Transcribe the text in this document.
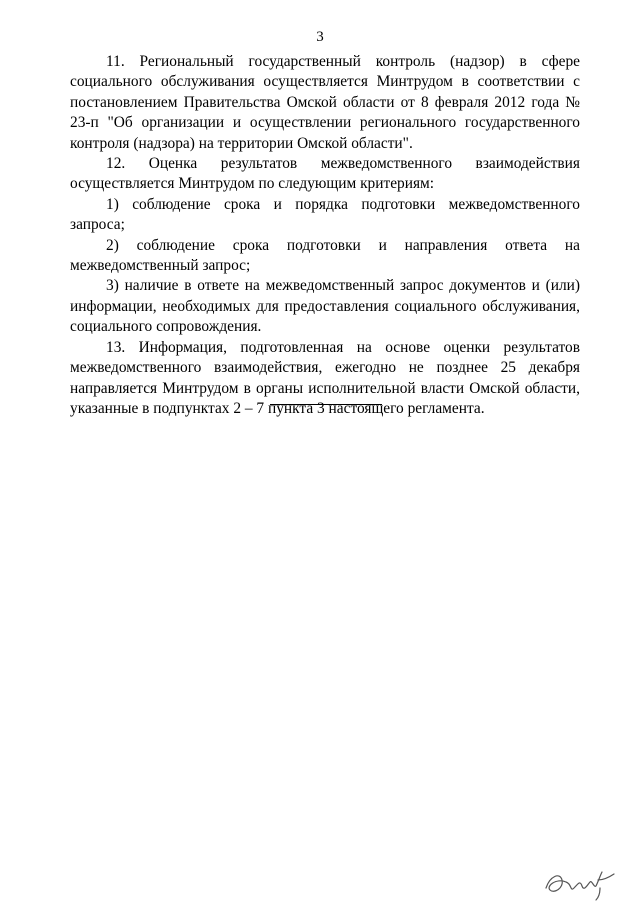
3

11. Региональный государственный контроль (надзор) в сфере социального обслуживания осуществляется Минтрудом в соответствии с постановлением Правительства Омской области от 8 февраля 2012 года № 23-п "Об организации и осуществлении регионального государственного контроля (надзора) на территории Омской области".

12. Оценка результатов межведомственного взаимодействия осуществляется Минтрудом по следующим критериям:

1) соблюдение срока и порядка подготовки межведомственного запроса;

2) соблюдение срока подготовки и направления ответа на межведомственный запрос;

3) наличие в ответе на межведомственный запрос документов и (или) информации, необходимых для предоставления социального обслуживания, социального сопровождения.

13. Информация, подготовленная на основе оценки результатов межведомственного взаимодействия, ежегодно не позднее 25 декабря направляется Минтрудом в органы исполнительной власти Омской области, указанные в подпунктах 2 – 7 пункта 3 настоящего регламента.
